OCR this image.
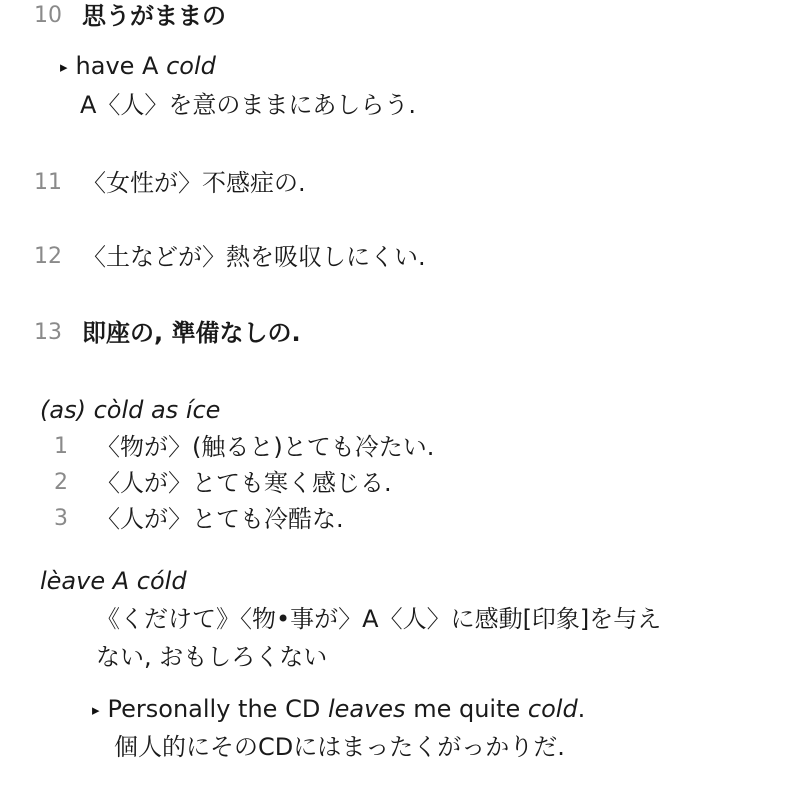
10 思うがままの
▸ have A cold
A〈人〉を意のままにあしらう.
11 〈女性が〉不感症の.
12 〈土などが〉熱を吸収しにくい.
13 即座の, 準備なしの.
(as) còld as íce
1 〈物が〉(触ると)とても冷たい.
2 〈人が〉とても寒く感じる.
3 〈人が〉とても冷酷な.
lèave A cóld
《くだけて》〈物•事が〉A〈人〉に感動[印象]を与え
ない, おもしろくない
▸ Personally the CD leaves me quite cold.
個人的にそのCDにはまったくがっかりだ.
